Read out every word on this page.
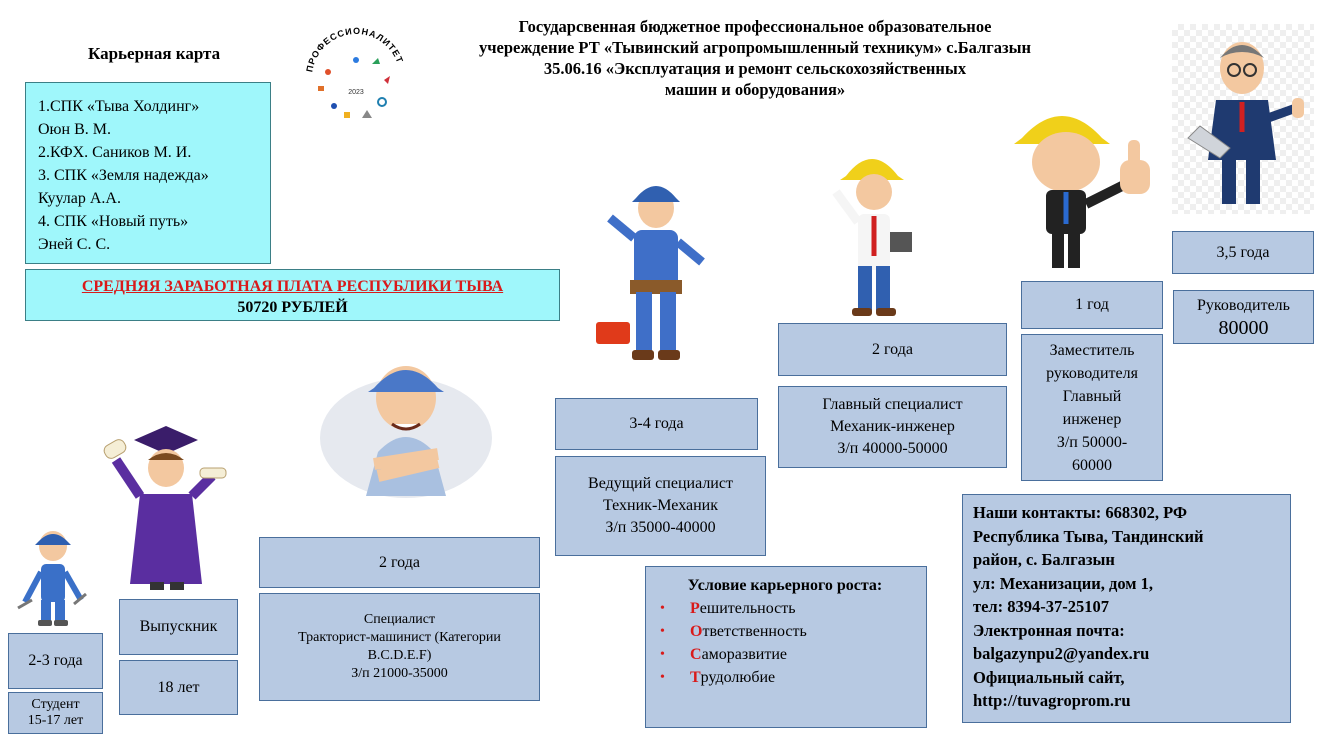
Государсвенная бюджетное профессиональное образовательное
учереждение РТ «Тывинский агропромышленный техникум» с.Балгазын
35.06.16 «Эксплуатация и ремонт сельскохозяйственных
машин и оборудования»
ПРОФЕССИОНАЛИТЕТ
2023
Карьерная карта
1.СПК «Тыва Холдинг»
Оюн В. М.
2.КФХ. Саников М. И.
3. СПК «Земля надежда»
Куулар А.А.
4. СПК «Новый путь»
Эней С. С.
СРЕДНЯЯ ЗАРАБОТНАЯ ПЛАТА РЕСПУБЛИКИ ТЫВА
50720 РУБЛЕЙ
2-3 года
Студент
15-17 лет
Выпускник
18 лет
2 года
Специалист
Тракторист-машинист (Категории
B.C.D.E.F)
З/п 21000-35000
3-4 года
Ведущий специалист
Техник-Механик
З/п 35000-40000
2 года
Главный специалист
Механик-инженер
З/п 40000-50000
1 год
Заместитель
руководителя
Главный
инженер
З/п 50000-
60000
3,5 года
Руководитель
80000
Условие карьерного роста:
• Решительность
• Ответственность
• Саморазвитие
• Трудолюбие
Наши контакты: 668302, РФ
Республика Тыва, Тандинский
район, с. Балгазын
ул: Механизации, дом 1,
тел: 8394-37-25107
Электронная почта:
balgazynpu2@yandex.ru
Официальный сайт,
http://tuvagroprom.ru
